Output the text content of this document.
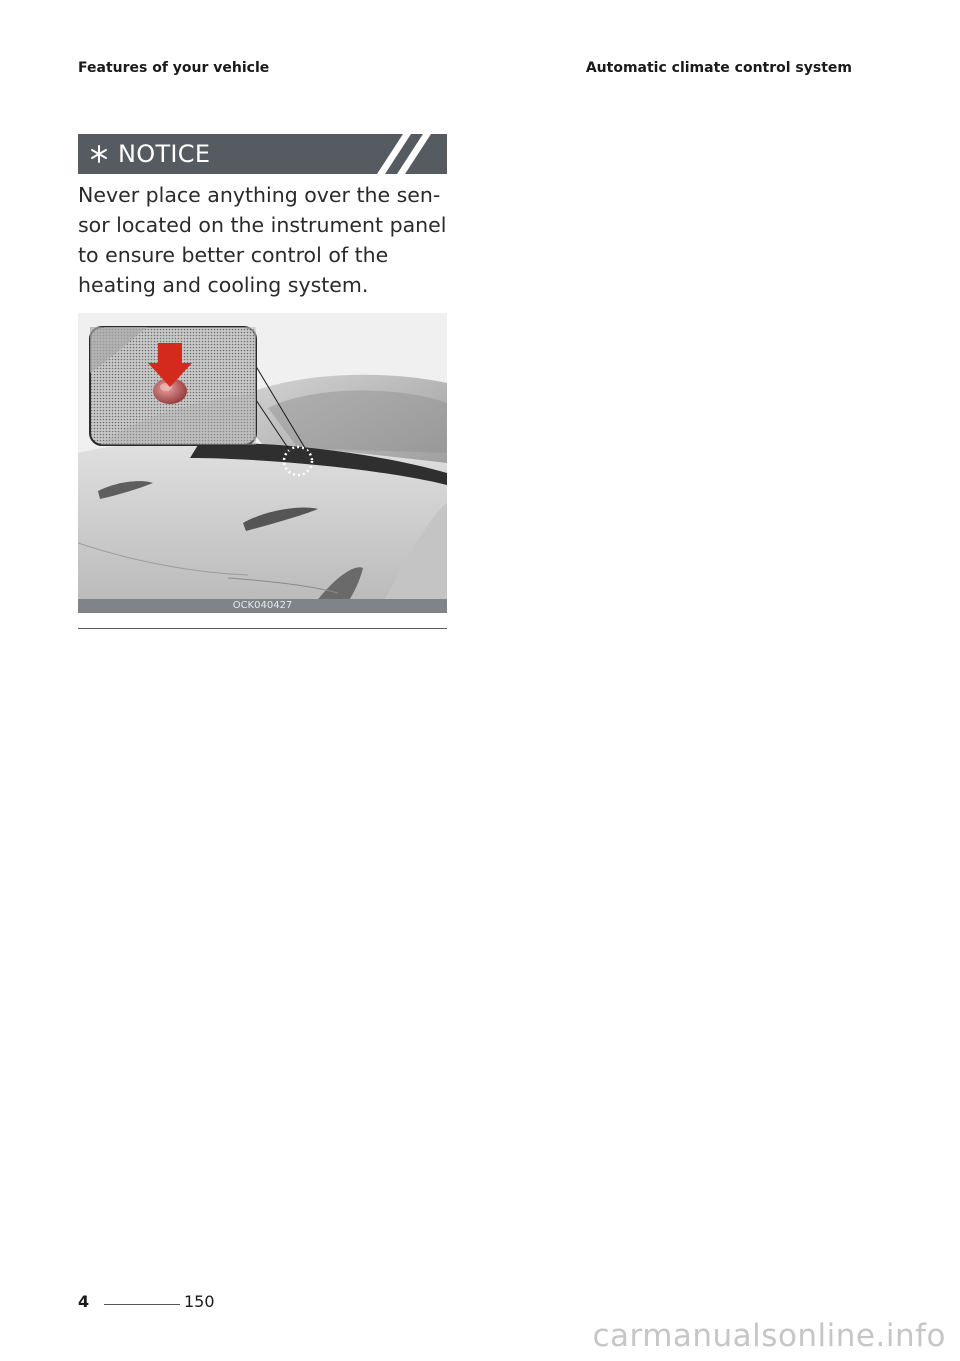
Features of your vehicle	Automatic climate control system
NOTICE

Never place anything over the sen-sor located on the instrument panel to ensure better control of the heating and cooling system.

OCK040427
4	150
carmanualsonline.info
